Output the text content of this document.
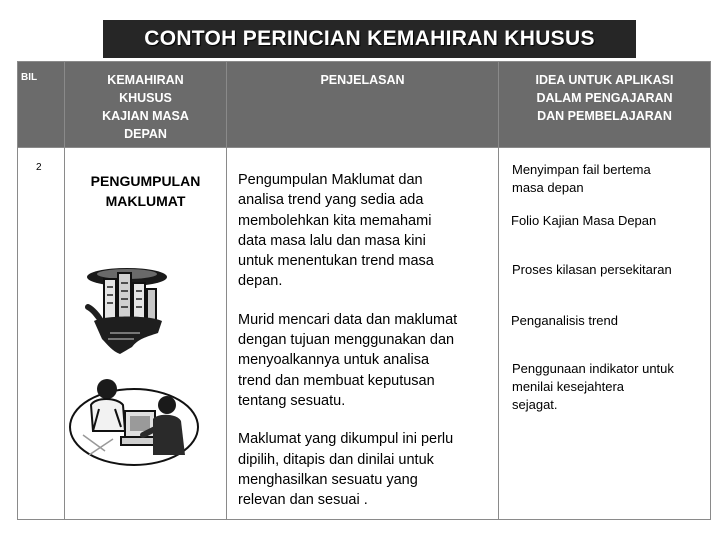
CONTOH PERINCIAN KEMAHIRAN KHUSUS
BIL	KEMAHIRAN
KHUSUS
KAJIAN MASA
DEPAN
PENJELASAN	IDEA UNTUK APLIKASI
DALAM PENGAJARAN
DAN PEMBELAJARAN
2
PENGUMPULAN
MAKLUMAT

Pengumpulan Maklumat dan

analisa trend yang sedia ada

membolehkan kita memahami

data masa lalu dan masa kini

untuk menentukan trend masa

depan.

Murid mencari data dan maklumat

dengan tujuan menggunakan dan

menyoalkannya untuk analisa

trend dan membuat keputusan

tentang sesuatu.

Maklumat yang dikumpul ini perlu

dipilih, ditapis dan dinilai untuk

menghasilkan sesuatu yang

relevan dan sesuai .

Menyimpan fail bertema
masa depan
Folio Kajian Masa Depan
Proses kilasan persekitaran
Penganalisis trend
Penggunaan indikator untuk
menilai kesejahtera
sejagat.
